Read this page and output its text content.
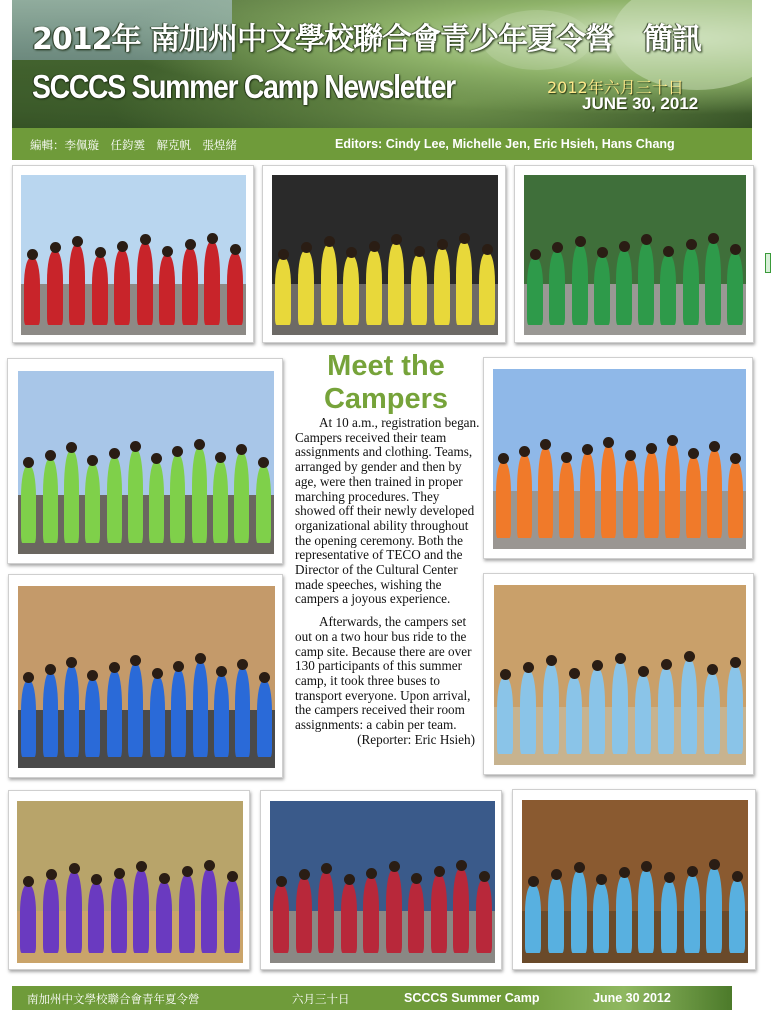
2012年 南加州中文學校聯合會青少年夏令營　簡訊
SCCCS Summer Camp Newsletter	2012年六月三十日
JUNE 30, 2012
編輯：李佩璇　任鈞霙　解克帆　張煌緒	Editors: Cindy Lee, Michelle Jen, Eric Hsieh, Hans Chang
Meet the Campers

At 10 a.m., registration began. Campers received their team assignments and clothing. Teams, arranged by gender and then by age, were then trained in proper marching procedures. They showed off their newly developed organizational ability throughout the opening ceremony. Both the representative of TECO and the Director of the Cultural Center made speeches, wishing the campers a joyous experience.

Afterwards, the campers set out on a two hour bus ride to the camp site. Because there are over 130 participants of this summer camp, it took three buses to transport everyone. Upon arrival, the campers received their room assignments: a cabin per team.

(Reporter: Eric Hsieh)

南加州中文學校聯合會青年夏令營	六月三十日	SCCCS Summer Camp	June 30 2012
